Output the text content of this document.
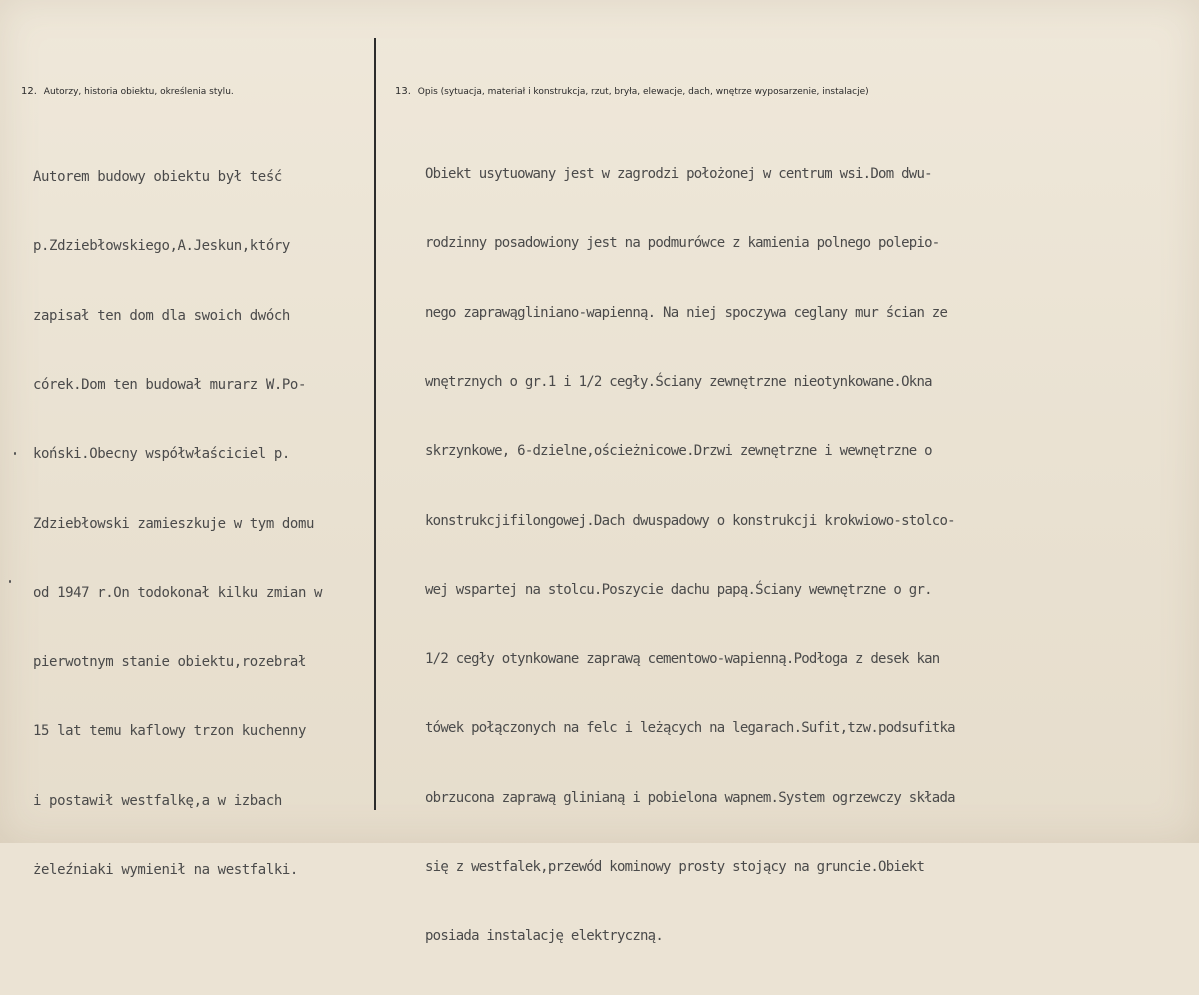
12. Autorzy, historia obiektu, określenia stylu.	13. Opis (sytuacja, materiał i konstrukcja, rzut, bryła, elewacje, dach, wnętrze wyposarzenie, instalacje)

Autorem budowy obiektu był teść

p.Zdziebłowskiego,A.Jeskun,który

zapisał ten dom dla swoich dwóch

córek.Dom ten budował murarz W.Po-

koński.Obecny współwłaściciel p.

Zdziebłowski zamieszkuje w tym domu

od 1947 r.On todokonał kilku zmian w

pierwotnym stanie obiektu,rozebrał

15 lat temu kaflowy trzon kuchenny

i postawił westfalkę,a w izbach

żeleźniaki wymienił na westfalki.

Obiekt usytuowany jest w zagrodzi położonej w centrum wsi.Dom dwu-

rodzinny posadowiony jest na podmurówce z kamienia polnego polepio-

nego zaprawągliniano-wapienną. Na niej spoczywa ceglany mur ścian ze

wnętrznych o gr.1 i 1/2 cegły.Ściany zewnętrzne nieotynkowane.Okna

skrzynkowe, 6-dzielne,ościeżnicowe.Drzwi zewnętrzne i wewnętrzne o

konstrukcjifilongowej.Dach dwuspadowy o konstrukcji krokwiowo-stolco-

wej wspartej na stolcu.Poszycie dachu papą.Ściany wewnętrzne o gr.

1/2 cegły otynkowane zaprawą cementowo-wapienną.Podłoga z desek kan

tówek połączonych na felc i leżących na legarach.Sufit,tzw.podsufitka

obrzucona zaprawą glinianą i pobielona wapnem.System ogrzewczy składa

się z westfalek,przewód kominowy prosty stojący na gruncie.Obiekt

posiada instalację elektryczną.
